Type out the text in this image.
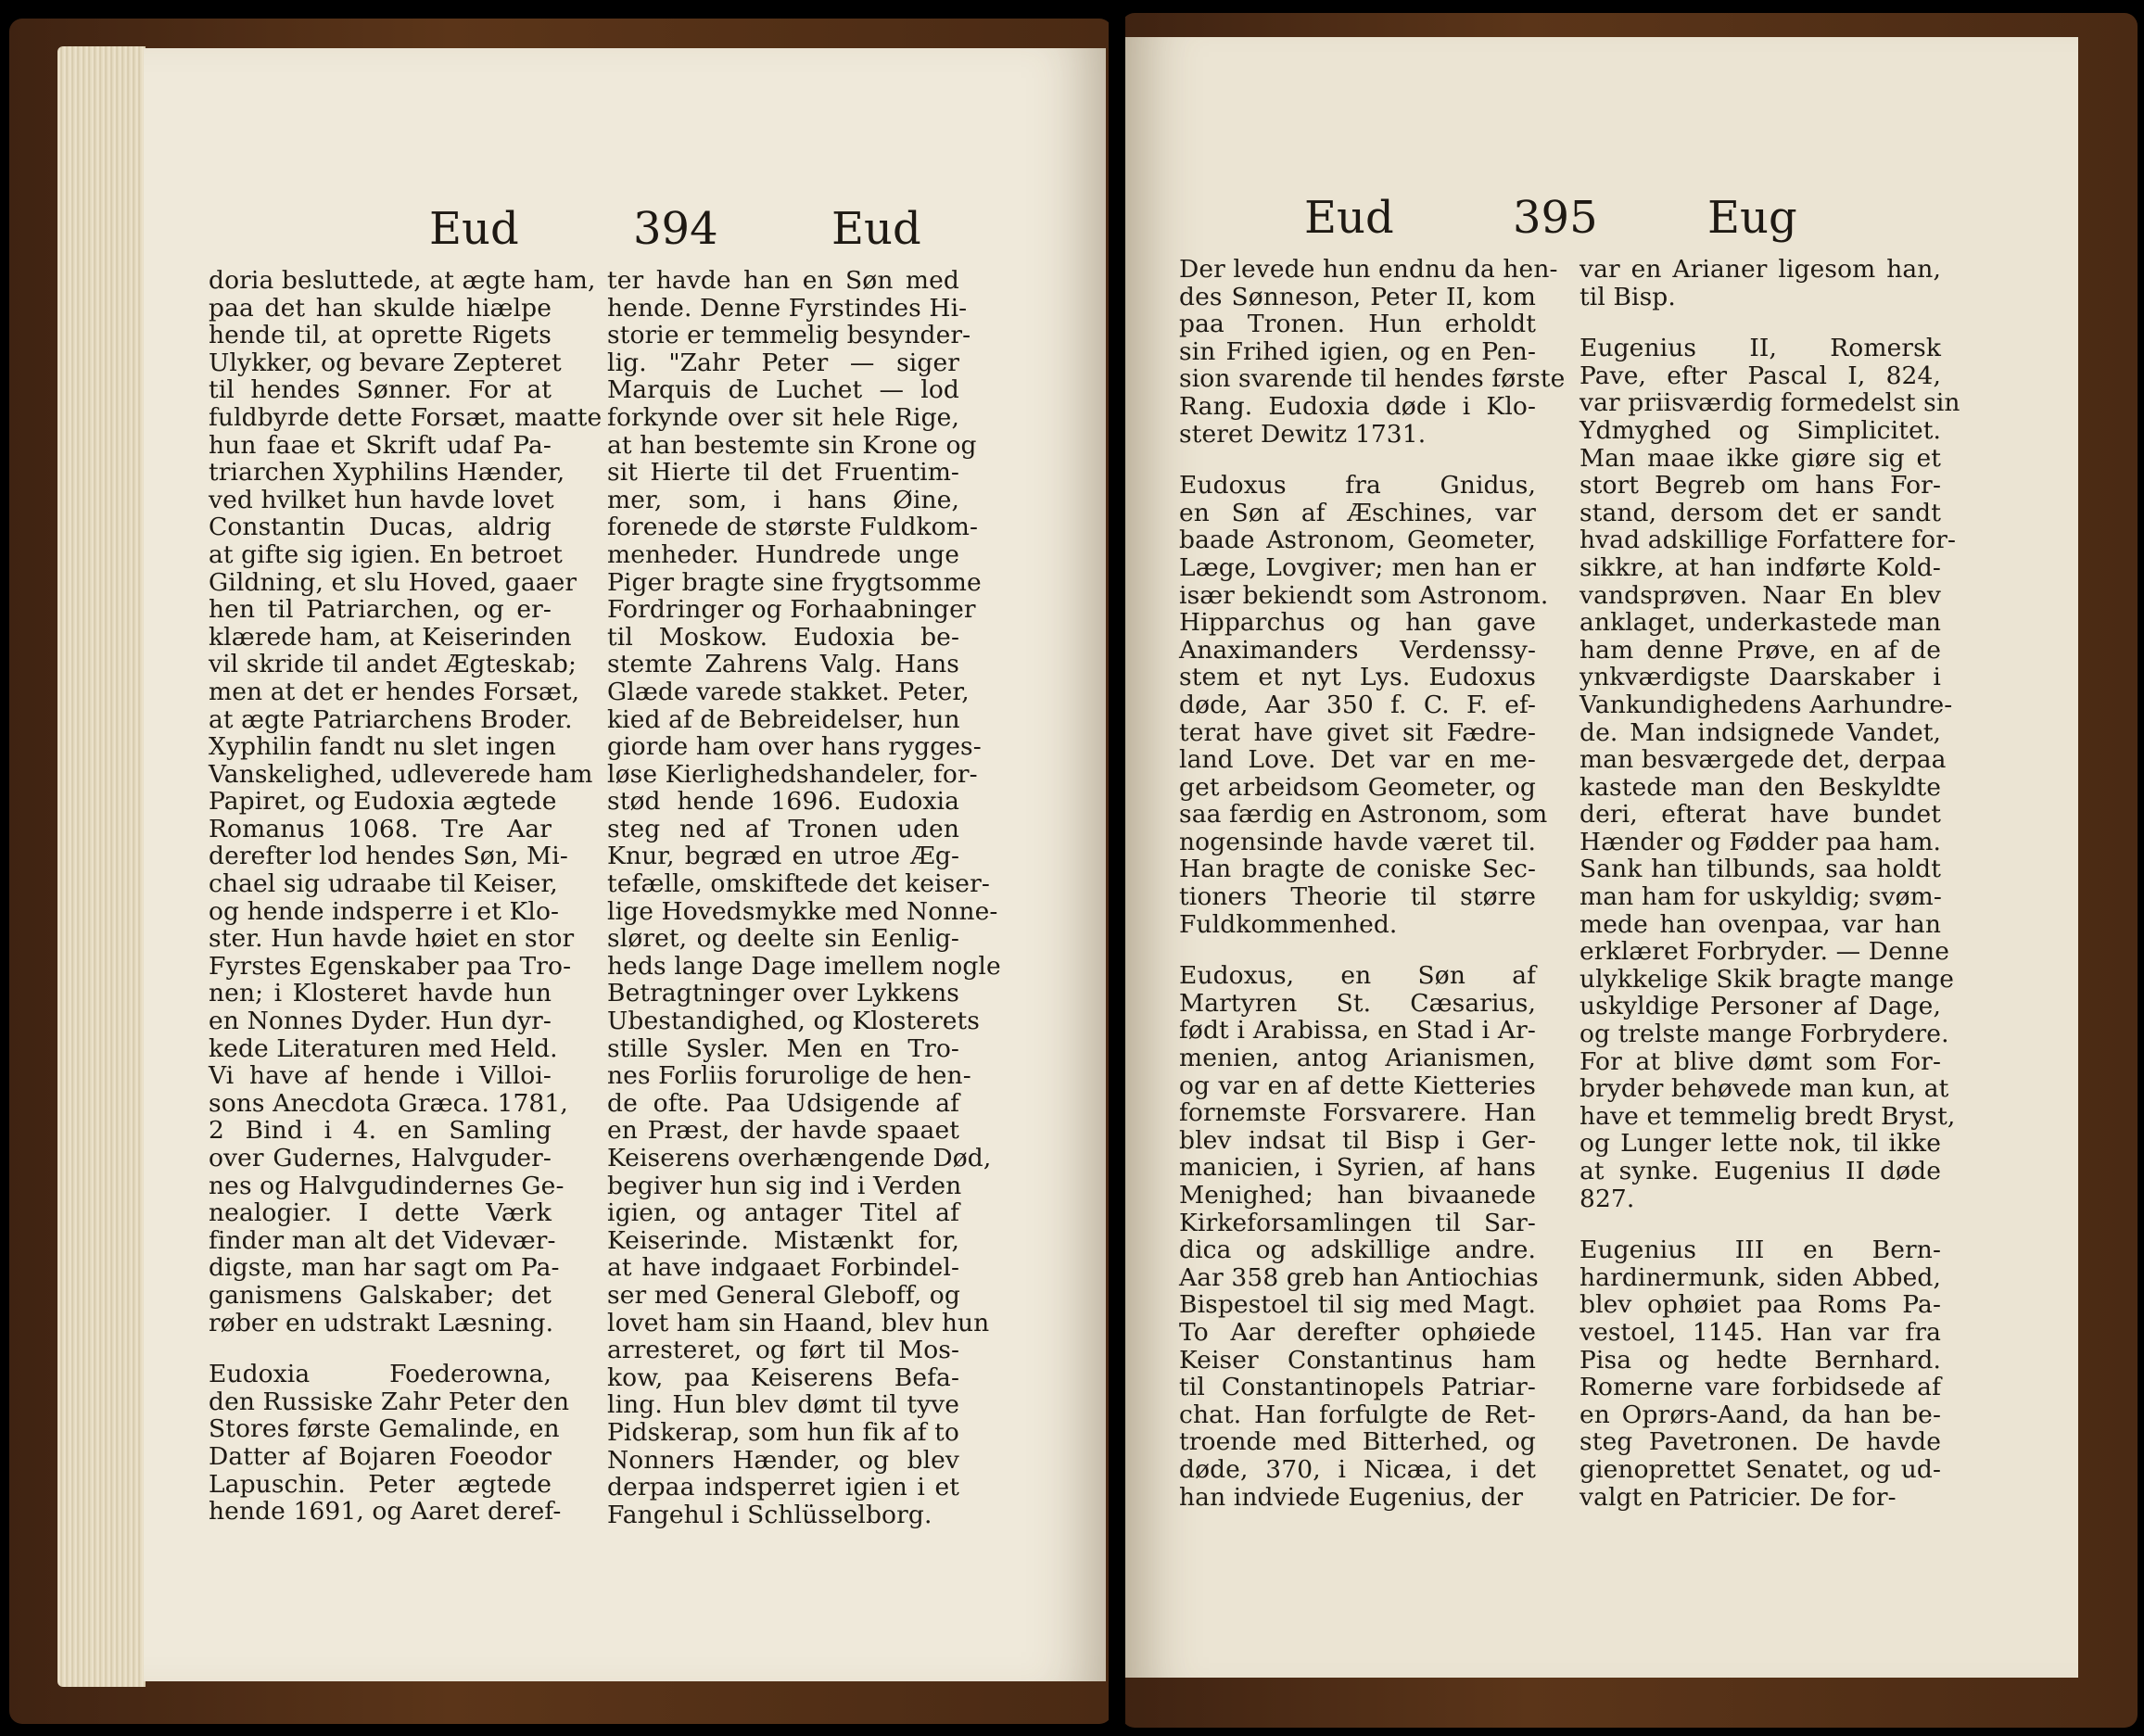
Eud	394	Eud

doria besluttede, at ægte ham,

paa det han skulde hiælpe

hende til, at oprette Rigets

Ulykker, og bevare Zepteret

til hendes Sønner. For at

fuldbyrde dette Forsæt, maatte

hun faae et Skrift udaf Pa-

triarchen Xyphilins Hænder,

ved hvilket hun havde lovet

Constantin Ducas, aldrig

at gifte sig igien. En betroet

Gildning, et slu Hoved, gaaer

hen til Patriarchen, og er-

klærede ham, at Keiserinden

vil skride til andet Ægteskab;

men at det er hendes Forsæt,

at ægte Patriarchens Broder.

Xyphilin fandt nu slet ingen

Vanskelighed, udleverede ham

Papiret, og Eudoxia ægtede

Romanus 1068. Tre Aar

derefter lod hendes Søn, Mi-

chael sig udraabe til Keiser,

og hende indsperre i et Klo-

ster. Hun havde høiet en stor

Fyrstes Egenskaber paa Tro-

nen; i Klosteret havde hun

en Nonnes Dyder. Hun dyr-

kede Literaturen med Held.

Vi have af hende i Villoi-

sons Anecdota Græca. 1781,

2 Bind i 4. en Samling

over Gudernes, Halvguder-

nes og Halvgudindernes Ge-

nealogier. I dette Værk

finder man alt det Videvær-

digste, man har sagt om Pa-

ganismens Galskaber; det

røber en udstrakt Læsning.

Eudoxia Foederowna,

den Russiske Zahr Peter den

Stores første Gemalinde, en

Datter af Bojaren Foeodor

Lapuschin. Peter ægtede

hende 1691, og Aaret deref-

ter havde han en Søn med

hende. Denne Fyrstindes Hi-

storie er temmelig besynder-

lig. "Zahr Peter — siger

Marquis de Luchet — lod

forkynde over sit hele Rige,

at han bestemte sin Krone og

sit Hierte til det Fruentim-

mer, som, i hans Øine,

forenede de største Fuldkom-

menheder. Hundrede unge

Piger bragte sine frygtsomme

Fordringer og Forhaabninger

til Moskow. Eudoxia be-

stemte Zahrens Valg. Hans

Glæde varede stakket. Peter,

kied af de Bebreidelser, hun

giorde ham over hans rygges-

løse Kierlighedshandeler, for-

stød hende 1696. Eudoxia

steg ned af Tronen uden

Knur, begræd en utroe Æg-

tefælle, omskiftede det keiser-

lige Hovedsmykke med Nonne-

sløret, og deelte sin Eenlig-

heds lange Dage imellem nogle

Betragtninger over Lykkens

Ubestandighed, og Klosterets

stille Sysler. Men en Tro-

nes Forliis forurolige de hen-

de ofte. Paa Udsigende af

en Præst, der havde spaaet

Keiserens overhængende Død,

begiver hun sig ind i Verden

igien, og antager Titel af

Keiserinde. Mistænkt for,

at have indgaaet Forbindel-

ser med General Gleboff, og

lovet ham sin Haand, blev hun

arresteret, og ført til Mos-

kow, paa Keiserens Befa-

ling. Hun blev dømt til tyve

Pidskerap, som hun fik af to

Nonners Hænder, og blev

derpaa indsperret igien i et

Fangehul i Schlüsselborg.

Eud	395 Eug

Der levede hun endnu da hen-

des Sønneson, Peter II, kom

paa Tronen. Hun erholdt

sin Frihed igien, og en Pen-

sion svarende til hendes første

Rang. Eudoxia døde i Klo-

steret Dewitz 1731.

Eudoxus fra Gnidus,

en Søn af Æschines, var

baade Astronom, Geometer,

Læge, Lovgiver; men han er

især bekiendt som Astronom.

Hipparchus og han gave

Anaximanders Verdenssy-

stem et nyt Lys. Eudoxus

døde, Aar 350 f. C. F. ef-

terat have givet sit Fædre-

land Love. Det var en me-

get arbeidsom Geometer, og

saa færdig en Astronom, som

nogensinde havde været til.

Han bragte de coniske Sec-

tioners Theorie til større

Fuldkommenhed.

Eudoxus, en Søn af

Martyren St. Cæsarius,

født i Arabissa, en Stad i Ar-

menien, antog Arianismen,

og var en af dette Kietteries

fornemste Forsvarere. Han

blev indsat til Bisp i Ger-

manicien, i Syrien, af hans

Menighed; han bivaanede

Kirkeforsamlingen til Sar-

dica og adskillige andre.

Aar 358 greb han Antiochias

Bispestoel til sig med Magt.

To Aar derefter ophøiede

Keiser Constantinus ham

til Constantinopels Patriar-

chat. Han forfulgte de Ret-

troende med Bitterhed, og

døde, 370, i Nicæa, i det

han indviede Eugenius, der

var en Arianer ligesom han,

til Bisp.

Eugenius II, Romersk

Pave, efter Pascal I, 824,

var priisværdig formedelst sin

Ydmyghed og Simplicitet.

Man maae ikke giøre sig et

stort Begreb om hans For-

stand, dersom det er sandt

hvad adskillige Forfattere for-

sikkre, at han indførte Kold-

vandsprøven. Naar En blev

anklaget, underkastede man

ham denne Prøve, en af de

ynkværdigste Daarskaber i

Vankundighedens Aarhundre-

de. Man indsignede Vandet,

man besværgede det, derpaa

kastede man den Beskyldte

deri, efterat have bundet

Hænder og Fødder paa ham.

Sank han tilbunds, saa holdt

man ham for uskyldig; svøm-

mede han ovenpaa, var han

erklæret Forbryder. — Denne

ulykkelige Skik bragte mange

uskyldige Personer af Dage,

og trelste mange Forbrydere.

For at blive dømt som For-

bryder behøvede man kun, at

have et temmelig bredt Bryst,

og Lunger lette nok, til ikke

at synke. Eugenius II døde

827.

Eugenius III en Bern-

hardinermunk, siden Abbed,

blev ophøiet paa Roms Pa-

vestoel, 1145. Han var fra

Pisa og hedte Bernhard.

Romerne vare forbidsede af

en Oprørs-Aand, da han be-

steg Pavetronen. De havde

gienoprettet Senatet, og ud-

valgt en Patricier. De for-
